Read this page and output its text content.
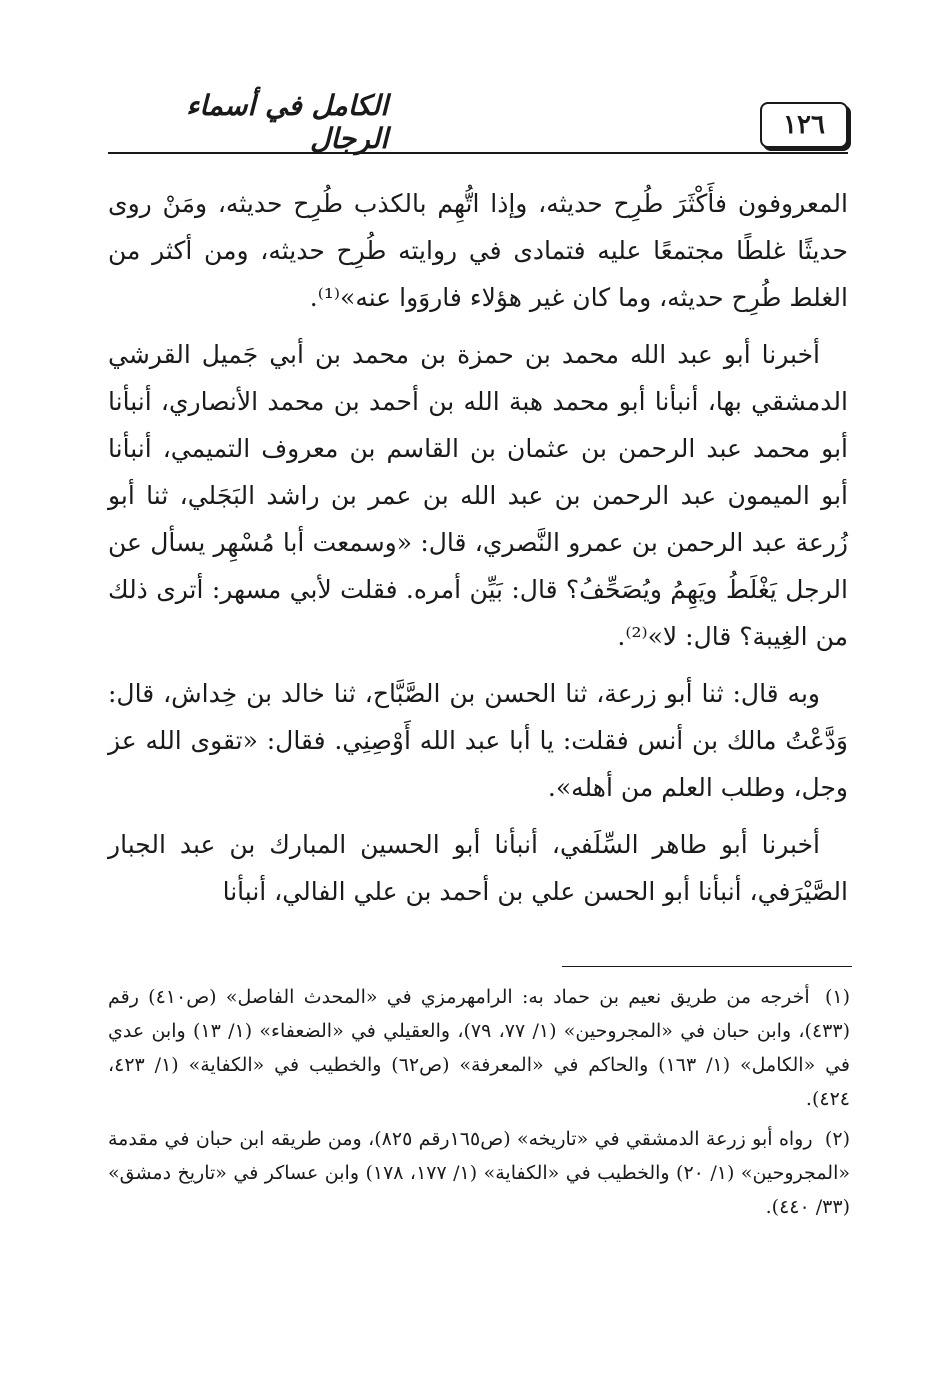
١٢٦
الكامل في أسماء الرجال

المعروفون فأَكْثَرَ طُرِح حديثه، وإذا اتُّهِم بالكذب طُرِح حديثه، ومَنْ روى حديثًا غلطًا مجتمعًا عليه فتمادى في روايته طُرِح حديثه، ومن أكثر من الغلط طُرِح حديثه، وما كان غير هؤلاء فاروَوا عنه»⁽¹⁾.

أخبرنا أبو عبد الله محمد بن حمزة بن محمد بن أبي جَميل القرشي الدمشقي بها، أنبأنا أبو محمد هبة الله بن أحمد بن محمد الأنصاري، أنبأنا أبو محمد عبد الرحمن بن عثمان بن القاسم بن معروف التميمي، أنبأنا أبو الميمون عبد الرحمن بن عبد الله بن عمر بن راشد البَجَلي، ثنا أبو زُرعة عبد الرحمن بن عمرو النَّصري، قال: «وسمعت أبا مُسْهِر يسأل عن الرجل يَغْلَطُ ويَهِمُ ويُصَحِّفُ؟ قال: بَيِّن أمره. فقلت لأبي مسهر: أترى ذلك من الغِيبة؟ قال: لا»⁽²⁾.

وبه قال: ثنا أبو زرعة، ثنا الحسن بن الصَّبَّاح، ثنا خالد بن خِداش، قال: وَدَّعْتُ مالك بن أنس فقلت: يا أبا عبد الله أَوْصِنِي. فقال: «تقوى الله عز وجل، وطلب العلم من أهله».

أخبرنا أبو طاهر السِّلَفي، أنبأنا أبو الحسين المبارك بن عبد الجبار الصَّيْرَفي، أنبأنا أبو الحسن علي بن أحمد بن علي الفالي، أنبأنا

(١) أخرجه من طريق نعيم بن حماد به: الرامهرمزي في «المحدث الفاصل» (ص٤١٠) رقم (٤٣٣)، وابن حبان في «المجروحين» (١/ ٧٧، ٧٩)، والعقيلي في «الضعفاء» (١/ ١٣) وابن عدي في «الكامل» (١/ ١٦٣) والحاكم في «المعرفة» (ص٦٢) والخطيب في «الكفاية» (١/ ٤٢٣، ٤٢٤).

(٢) رواه أبو زرعة الدمشقي في «تاريخه» (ص١٦٥رقم ٨٢٥)، ومن طريقه ابن حبان في مقدمة «المجروحين» (١/ ٢٠) والخطيب في «الكفاية» (١/ ١٧٧، ١٧٨) وابن عساكر في «تاريخ دمشق» (٣٣/ ٤٤٠).
